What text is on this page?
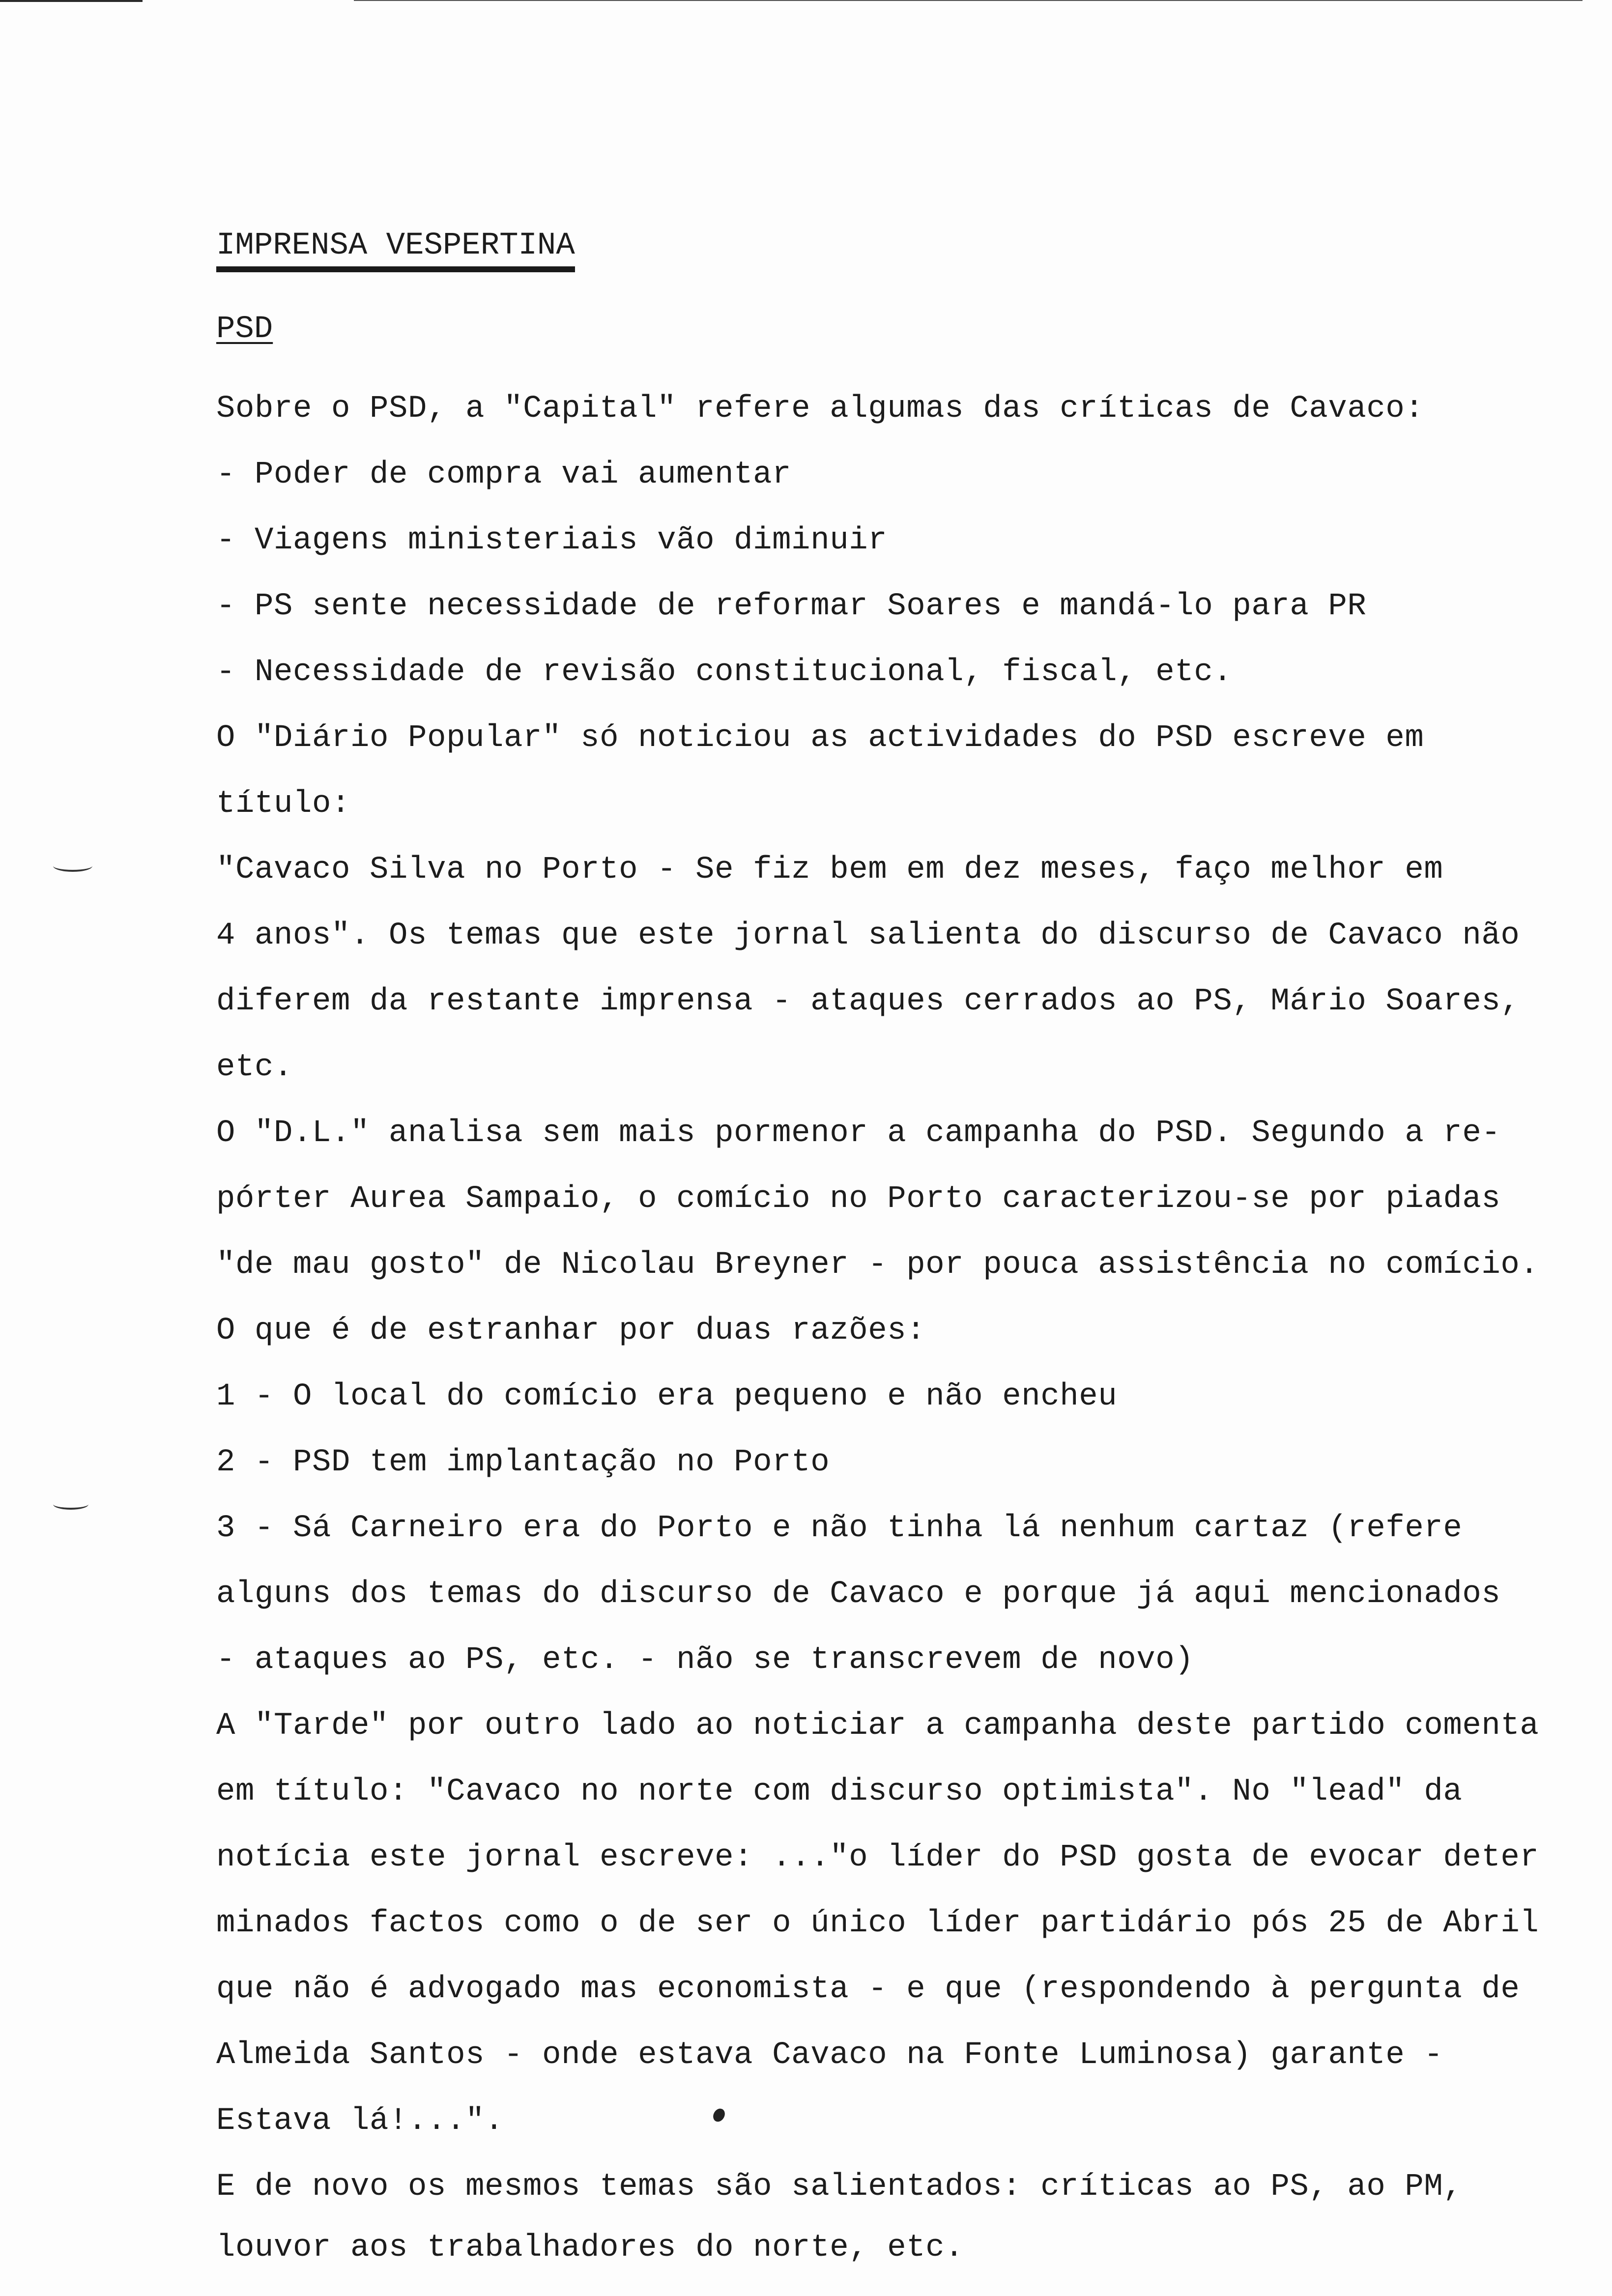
IMPRENSA VESPERTINA
PSD
Sobre o PSD, a "Capital" refere algumas das críticas de Cavaco:
- Poder de compra vai aumentar
- Viagens ministeriais vão diminuir
- PS sente necessidade de reformar Soares e mandá-lo para PR
- Necessidade de revisão constitucional, fiscal, etc.
O "Diário Popular" só noticiou as actividades do PSD escreve em
título:
"Cavaco Silva no Porto - Se fiz bem em dez meses, faço melhor em
4 anos". Os temas que este jornal salienta do discurso de Cavaco não
diferem da restante imprensa - ataques cerrados ao PS, Mário Soares,
etc.
O "D.L." analisa sem mais pormenor a campanha do PSD. Segundo a re-
pórter Aurea Sampaio, o comício no Porto caracterizou-se por piadas
"de mau gosto" de Nicolau Breyner - por pouca assistência no comício.
O que é de estranhar por duas razões:
1 - O local do comício era pequeno e não encheu
2 - PSD tem implantação no Porto
3 - Sá Carneiro era do Porto e não tinha lá nenhum cartaz (refere
alguns dos temas do discurso de Cavaco e porque já aqui mencionados
- ataques ao PS, etc. - não se transcrevem de novo)
A "Tarde" por outro lado ao noticiar a campanha deste partido comenta
em título: "Cavaco no norte com discurso optimista". No "lead" da
notícia este jornal escreve: ..."o líder do PSD gosta de evocar deter
minados factos como o de ser o único líder partidário pós 25 de Abril
que não é advogado mas economista - e que (respondendo à pergunta de
Almeida Santos - onde estava Cavaco na Fonte Luminosa) garante -
Estava lá!...".
E de novo os mesmos temas são salientados: críticas ao PS, ao PM,
louvor aos trabalhadores do norte, etc.
